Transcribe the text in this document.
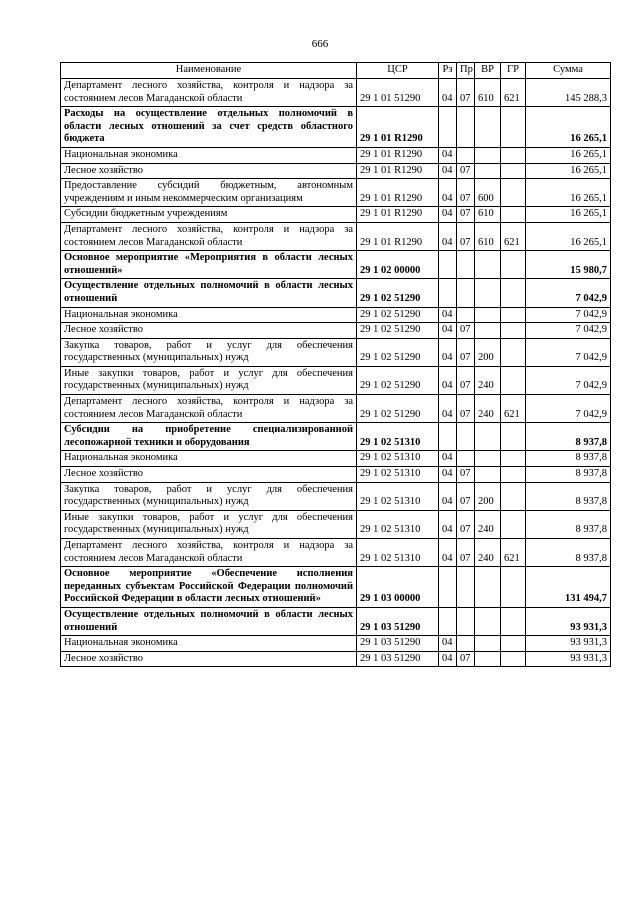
666
Наименование	ЦСР	Рз	Пр	ВР	ГР	Сумма
Департамент лесного хозяйства, контроля и надзора за состоянием лесов Магаданской области	29 1 01 51290	04	07	610	621	145 288,3
Расходы на осуществление отдельных полномочий в области лесных отношений за счет средств областного бюджета	29 1 01 R1290					16 265,1
Национальная экономика	29 1 01 R1290	04				16 265,1
Лесное хозяйство	29 1 01 R1290	04	07			16 265,1
Предоставление субсидий бюджетным, автономным учреждениям и иным некоммерческим организациям	29 1 01 R1290	04	07	600		16 265,1
Субсидии бюджетным учреждениям	29 1 01 R1290	04	07	610		16 265,1
Департамент лесного хозяйства, контроля и надзора за состоянием лесов Магаданской области	29 1 01 R1290	04	07	610	621	16 265,1
Основное мероприятие «Мероприятия в области лесных отношений»	29 1 02 00000					15 980,7
Осуществление отдельных полномочий в области лесных отношений	29 1 02 51290					7 042,9
Национальная экономика	29 1 02 51290	04				7 042,9
Лесное хозяйство	29 1 02 51290	04	07			7 042,9
Закупка товаров, работ и услуг для обеспечения государственных (муниципальных) нужд	29 1 02 51290	04	07	200		7 042,9
Иные закупки товаров, работ и услуг для обеспечения государственных (муниципальных) нужд	29 1 02 51290	04	07	240		7 042,9
Департамент лесного хозяйства, контроля и надзора за состоянием лесов Магаданской области	29 1 02 51290	04	07	240	621	7 042,9
Субсидии на приобретение специализированной лесопожарной техники и оборудования	29 1 02 51310					8 937,8
Национальная экономика	29 1 02 51310	04				8 937,8
Лесное хозяйство	29 1 02 51310	04	07			8 937,8
Закупка товаров, работ и услуг для обеспечения государственных (муниципальных) нужд	29 1 02 51310	04	07	200		8 937,8
Иные закупки товаров, работ и услуг для обеспечения государственных (муниципальных) нужд	29 1 02 51310	04	07	240		8 937,8
Департамент лесного хозяйства, контроля и надзора за состоянием лесов Магаданской области	29 1 02 51310	04	07	240	621	8 937,8
Основное мероприятие «Обеспечение исполнения переданных субъектам Российской Федерации полномочий Российской Федерации в области лесных отношений»	29 1 03 00000					131 494,7
Осуществление отдельных полномочий в области лесных отношений	29 1 03 51290					93 931,3
Национальная экономика	29 1 03 51290	04				93 931,3
Лесное хозяйство	29 1 03 51290	04	07			93 931,3
